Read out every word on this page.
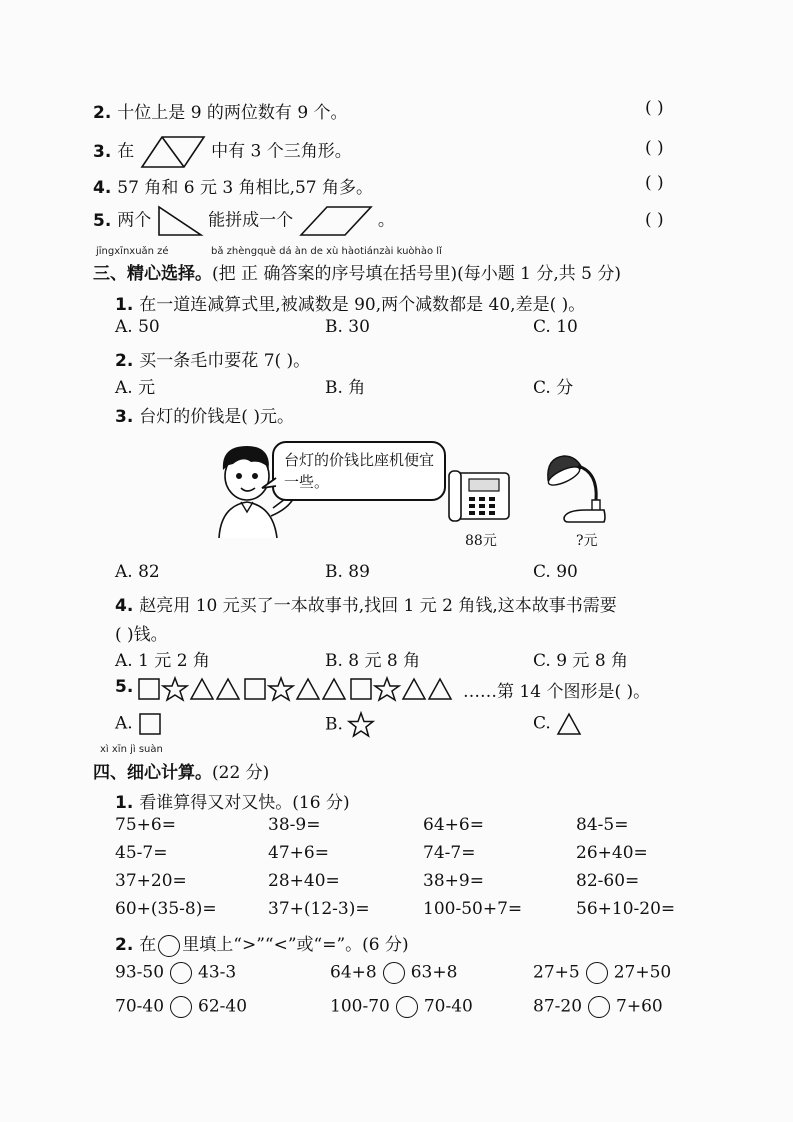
2. 十位上是 9 的两位数有 9 个。	( )
3. 在	中有 3 个三角形。	( )
4. 57 角和 6 元 3 角相比,57 角多。	( )
5. 两个	能拼成一个	。	( )
jīngxīnxuǎn zé	bǎ zhèngquè dá àn de xù hàotiánzài kuòhào lǐ
三、精心选择。(把 正 确答案的序号填在括号里)(每小题 1 分,共 5 分)
1. 在一道连减算式里,被减数是 90,两个减数都是 40,差是( )。
A. 50	B. 30	C. 10
2. 买一条毛巾要花 7( )。
A. 元	B. 角	C. 分
3. 台灯的价钱是( )元。
台灯的价钱比座机便宜一些。
88元	?元
A. 82	B. 89	C. 90
4. 赵亮用 10 元买了一本故事书,找回 1 元 2 角钱,这本故事书需要
( )钱。
A. 1 元 2 角	B. 8 元 8 角	C. 9 元 8 角
5.	……第 14 个图形是( )。
A.	B.	C.
xì xīn jì suàn
四、细心计算。(22 分)
1. 看谁算得又对又快。(16 分)
75+6=	38-9=	64+6=	84-5=
45-7=	47+6=	74-7=	26+40=
37+20=	28+40=	38+9=	82-60=
60+(35-8)=	37+(12-3)=	100-50+7=	56+10-20=
2. 在 里填上“>”“<”或“=”。(6 分)
93-50 43-3	64+8 63+8	27+5 27+50
70-40 62-40	100-70 70-40	87-20 7+60
